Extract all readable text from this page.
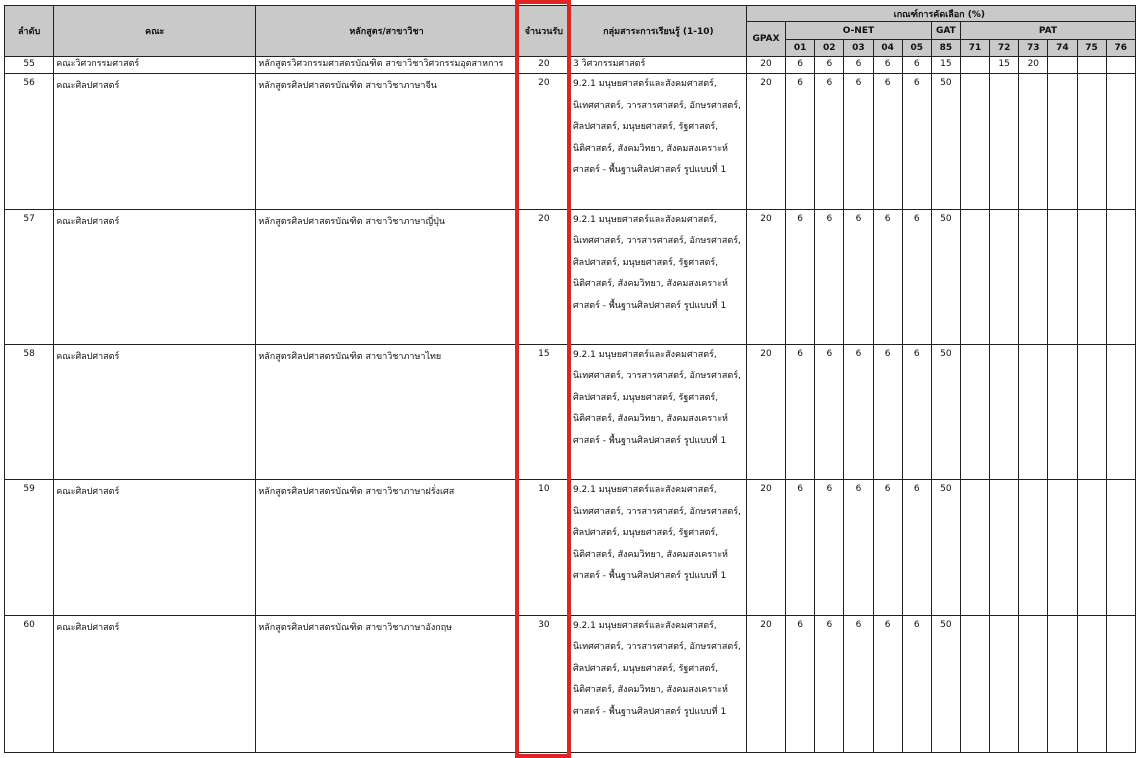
ลำดับ	คณะ	หลักสูตร/สาขาวิชา	จำนวนรับ	กลุ่มสาระการเรียนรู้ (1-10)	เกณฑ์การคัดเลือก (%)												
					GPAX	O-NET					GAT	PAT					
						01	02	03	04	05	85	71	72	73	74	75	76
55	คณะวิศวกรรมศาสตร์	หลักสูตรวิศวกรรมศาสตรบัณฑิต สาขาวิชาวิศวกรรมอุตสาหการ	20	3 วิศวกรรมศาสตร์	20	6	6	6	6	6	15		15	20			
56	คณะศิลปศาสตร์	หลักสูตรศิลปศาสตรบัณฑิต สาขาวิชาภาษาจีน	20	9.2.1 มนุษยศาสตร์และสังคมศาสตร์, นิเทศศาสตร์, วารสารศาสตร์, อักษรศาสตร์, ศิลปศาสตร์, มนุษยศาสตร์, รัฐศาสตร์, นิติศาสตร์, สังคมวิทยา, สังคมสงเคราะห์ศาสตร์ - พื้นฐานศิลปศาสตร์ รูปแบบที่ 1	20	6	6	6	6	6	50						
57	คณะศิลปศาสตร์	หลักสูตรศิลปศาสตรบัณฑิต สาขาวิชาภาษาญี่ปุ่น	20	9.2.1 มนุษยศาสตร์และสังคมศาสตร์, นิเทศศาสตร์, วารสารศาสตร์, อักษรศาสตร์, ศิลปศาสตร์, มนุษยศาสตร์, รัฐศาสตร์, นิติศาสตร์, สังคมวิทยา, สังคมสงเคราะห์ศาสตร์ - พื้นฐานศิลปศาสตร์ รูปแบบที่ 1	20	6	6	6	6	6	50						
58	คณะศิลปศาสตร์	หลักสูตรศิลปศาสตรบัณฑิต สาขาวิชาภาษาไทย	15	9.2.1 มนุษยศาสตร์และสังคมศาสตร์, นิเทศศาสตร์, วารสารศาสตร์, อักษรศาสตร์, ศิลปศาสตร์, มนุษยศาสตร์, รัฐศาสตร์, นิติศาสตร์, สังคมวิทยา, สังคมสงเคราะห์ศาสตร์ - พื้นฐานศิลปศาสตร์ รูปแบบที่ 1	20	6	6	6	6	6	50						
59	คณะศิลปศาสตร์	หลักสูตรศิลปศาสตรบัณฑิต สาขาวิชาภาษาฝรั่งเศส	10	9.2.1 มนุษยศาสตร์และสังคมศาสตร์, นิเทศศาสตร์, วารสารศาสตร์, อักษรศาสตร์, ศิลปศาสตร์, มนุษยศาสตร์, รัฐศาสตร์, นิติศาสตร์, สังคมวิทยา, สังคมสงเคราะห์ศาสตร์ - พื้นฐานศิลปศาสตร์ รูปแบบที่ 1	20	6	6	6	6	6	50						
60	คณะศิลปศาสตร์	หลักสูตรศิลปศาสตรบัณฑิต สาขาวิชาภาษาอังกฤษ	30	9.2.1 มนุษยศาสตร์และสังคมศาสตร์, นิเทศศาสตร์, วารสารศาสตร์, อักษรศาสตร์, ศิลปศาสตร์, มนุษยศาสตร์, รัฐศาสตร์, นิติศาสตร์, สังคมวิทยา, สังคมสงเคราะห์ศาสตร์ - พื้นฐานศิลปศาสตร์ รูปแบบที่ 1	20	6	6	6	6	6	50						
